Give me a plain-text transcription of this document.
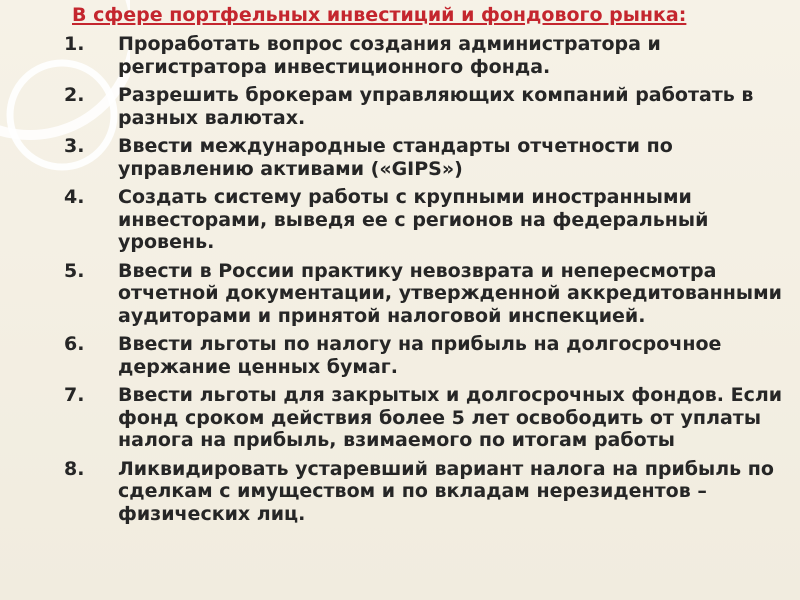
В сфере портфельных инвестиций и фондового рынка:
1. Проработать вопрос создания администратора и регистратора инвестиционного фонда.
2. Разрешить брокерам управляющих компаний работать в разных валютах.
3. Ввести международные стандарты отчетности по управлению активами («GIPS»)
4. Создать систему работы с крупными иностранными инвесторами, выведя ее с регионов на федеральный уровень.
5. Ввести в России практику невозврата и непересмотра отчетной документации, утвержденной аккредитованными аудиторами и принятой налоговой инспекцией.
6. Ввести льготы по налогу на прибыль на долгосрочное держание ценных бумаг.
7. Ввести льготы для закрытых и долгосрочных фондов. Если фонд сроком действия более 5 лет освободить от уплаты налога на прибыль, взимаемого по итогам работы
8. Ликвидировать устаревший вариант налога на прибыль по сделкам с имуществом и по вкладам нерезидентов – физических лиц.
